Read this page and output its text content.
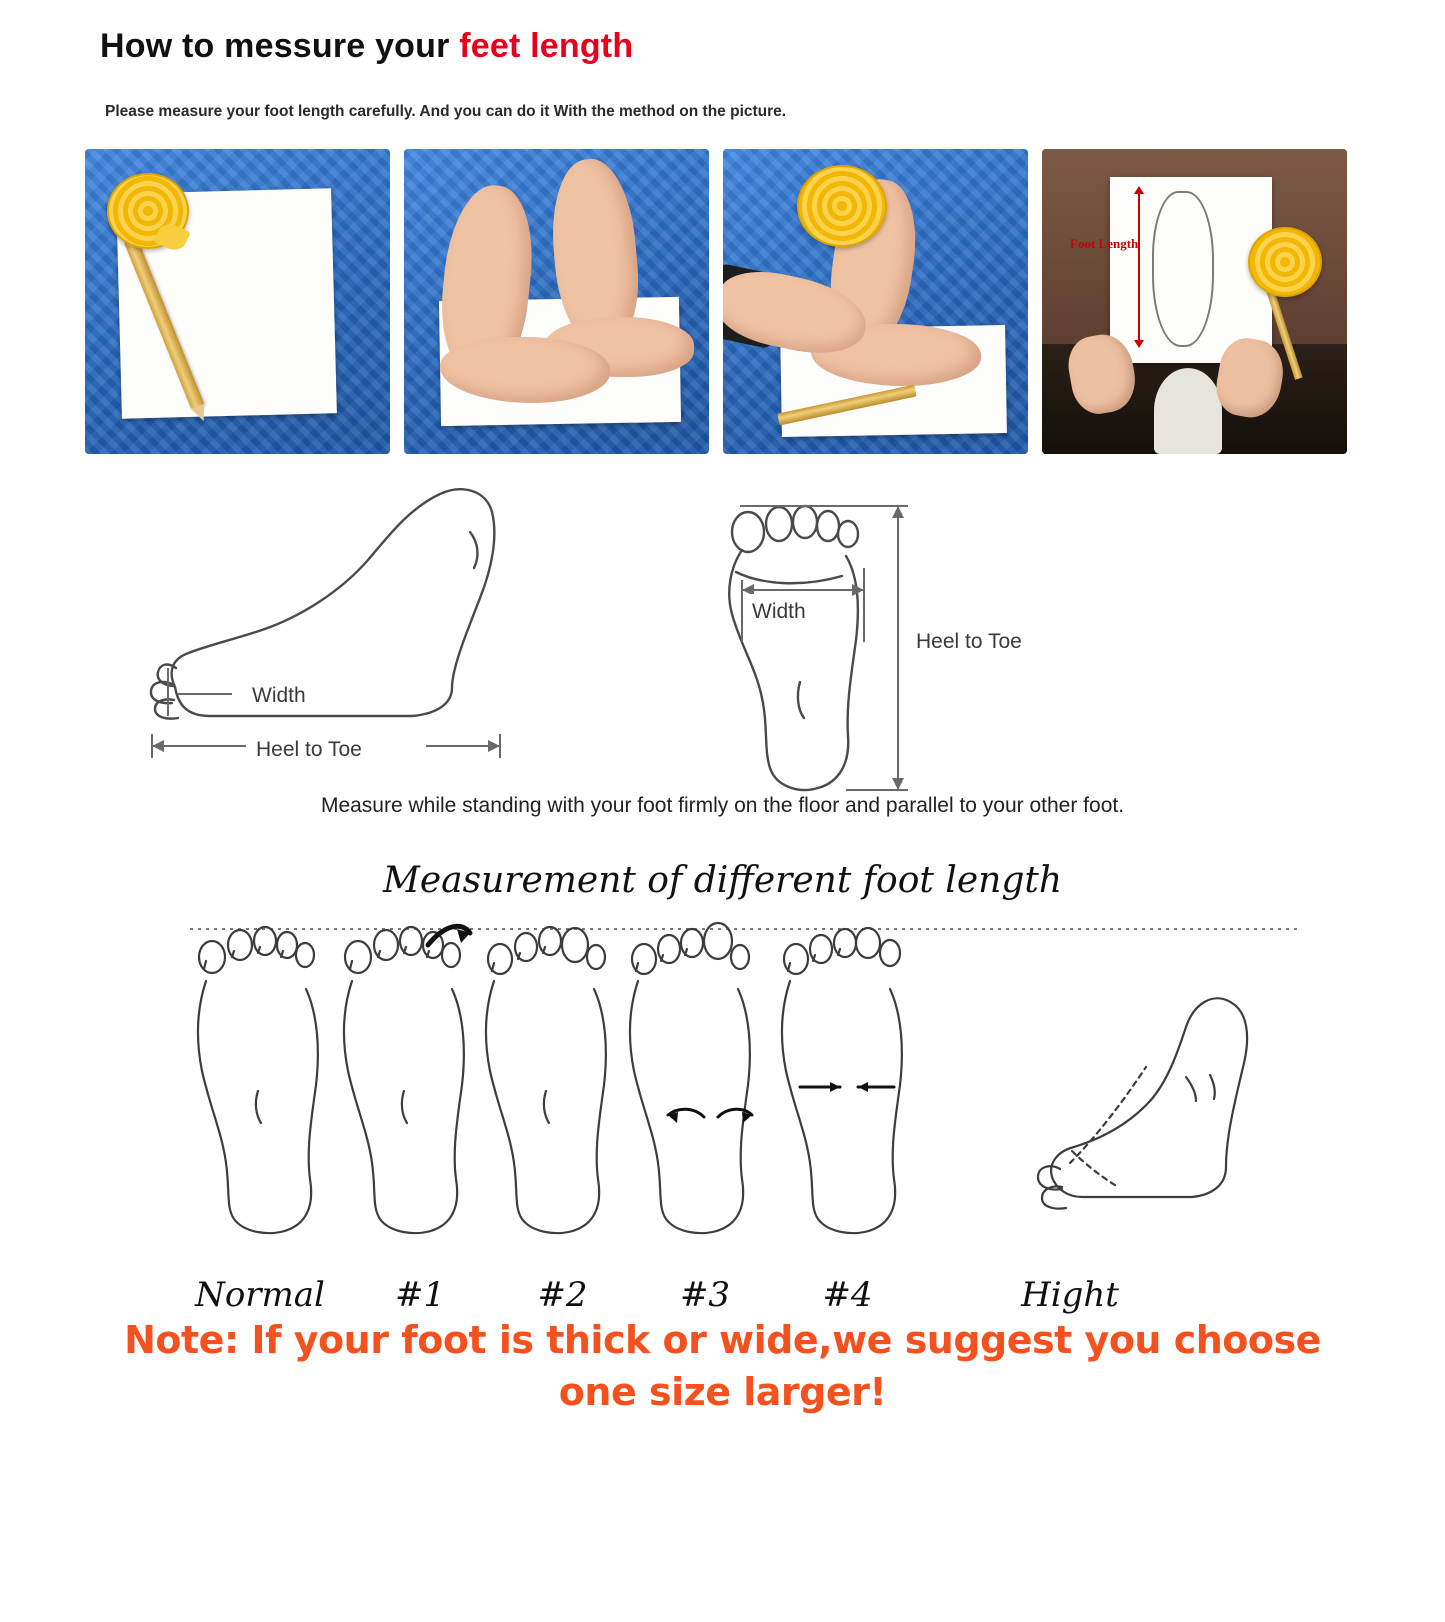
How to messure your feet length
Please measure your foot length carefully. And you can do it With the method on the picture.
Foot Length
Width
Heel to Toe
Width
Heel to Toe
Measure while standing with your foot firmly on the floor and parallel to your other foot.
Measurement of different foot length
Normal	#1	#2	#3	#4	Hight
Note: If your foot is thick or wide,we suggest you choose one size larger!
